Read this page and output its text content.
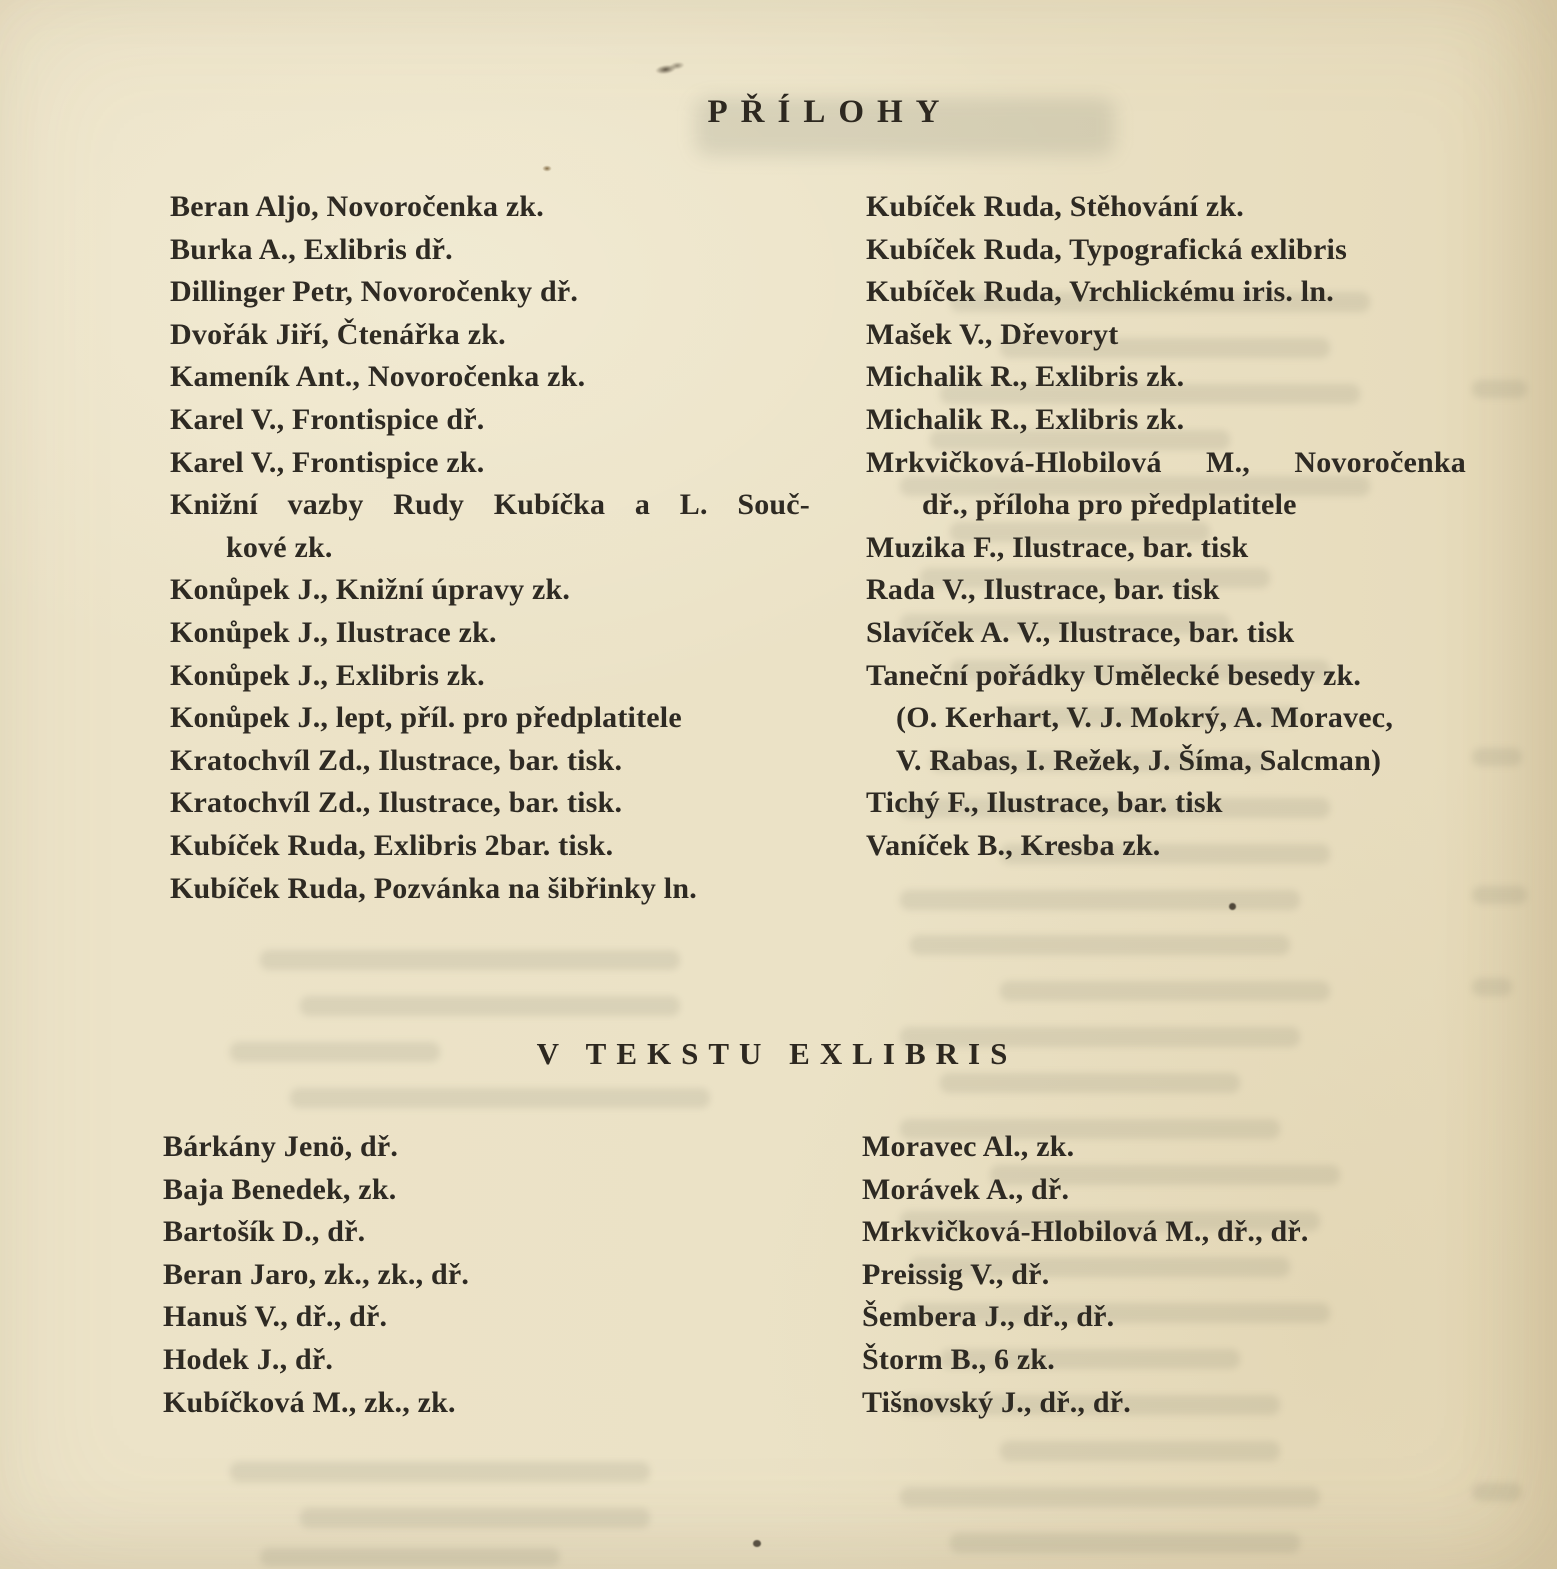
PŘÍLOHY
Beran Aljo, Novoročenka zk.
Burka A., Exlibris dř.
Dillinger Petr, Novoročenky dř.
Dvořák Jiří, Čtenářka zk.
Kameník Ant., Novoročenka zk.
Karel V., Frontispice dř.
Karel V., Frontispice zk.
Knižní vazby Rudy Kubíčka a L. Souč-
kové zk.
Konůpek J., Knižní úpravy zk.
Konůpek J., Ilustrace zk.
Konůpek J., Exlibris zk.
Konůpek J., lept, příl. pro předplatitele
Kratochvíl Zd., Ilustrace, bar. tisk.
Kratochvíl Zd., Ilustrace, bar. tisk.
Kubíček Ruda, Exlibris 2bar. tisk.
Kubíček Ruda, Pozvánka na šibřinky ln.
Kubíček Ruda, Stěhování zk.
Kubíček Ruda, Typografická exlibris
Kubíček Ruda, Vrchlickému iris. ln.
Mašek V., Dřevoryt
Michalik R., Exlibris zk.
Michalik R., Exlibris zk.
Mrkvičková-Hlobilová M., Novoročenka
dř., příloha pro předplatitele
Muzika F., Ilustrace, bar. tisk
Rada V., Ilustrace, bar. tisk
Slavíček A. V., Ilustrace, bar. tisk
Taneční pořádky Umělecké besedy zk.
(O. Kerhart, V. J. Mokrý, A. Moravec,
V. Rabas, I. Režek, J. Šíma, Salcman)
Tichý F., Ilustrace, bar. tisk
Vaníček B., Kresba zk.
V TEKSTU EXLIBRIS
Bárkány Jenö, dř.
Baja Benedek, zk.
Bartošík D., dř.
Beran Jaro, zk., zk., dř.
Hanuš V., dř., dř.
Hodek J., dř.
Kubíčková M., zk., zk.
Moravec Al., zk.
Morávek A., dř.
Mrkvičková-Hlobilová M., dř., dř.
Preissig V., dř.
Šembera J., dř., dř.
Štorm B., 6 zk.
Tišnovský J., dř., dř.
